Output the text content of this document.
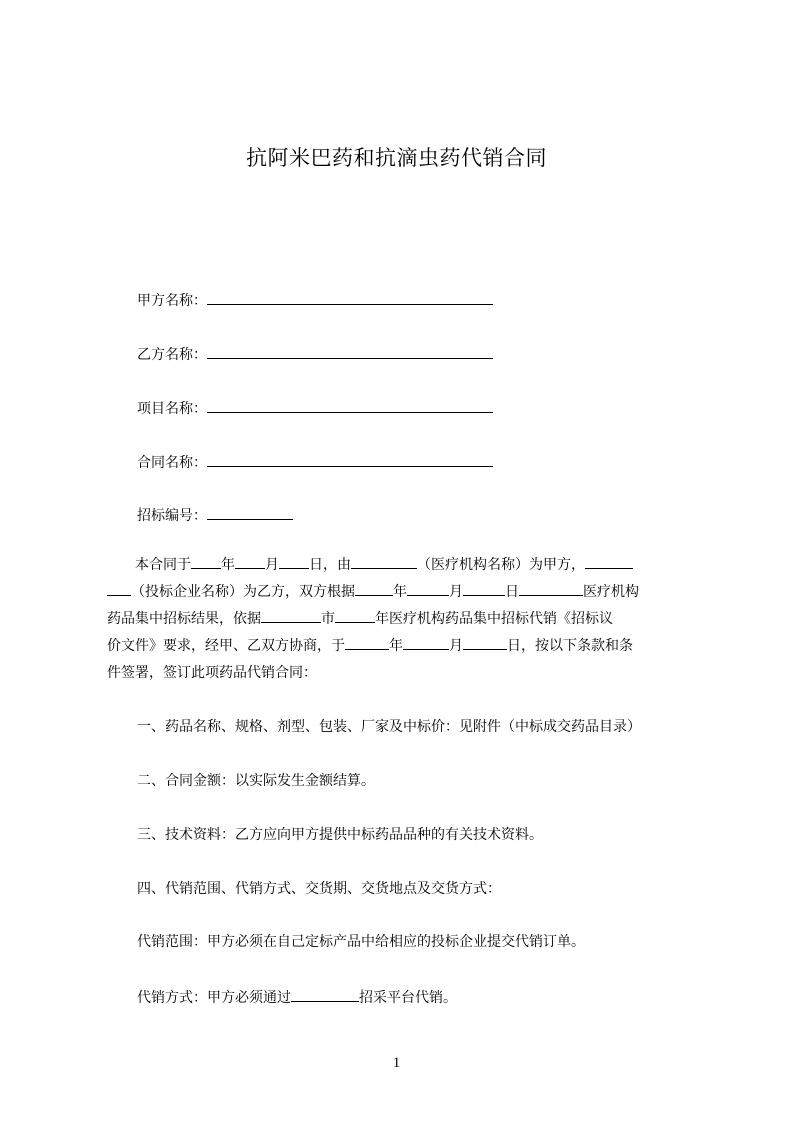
抗阿米巴药和抗滴虫药代销合同
甲方名称：
乙方名称：
项目名称：
合同名称：
招标编号：
本合同于 年 月 日，由	（医疗机构名称）为甲方，
（投标企业名称）为乙方，双方根据	年	月	日	医疗机构
药品集中招标结果，依据	市	年医疗机构药品集中招标代销《招标议
价文件》要求，经甲、乙双方协商，于	年	月	日，按以下条款和条
件签署，签订此项药品代销合同：
一、药品名称、规格、剂型、包装、厂家及中标价：见附件（中标成交药品目录）
二、合同金额：以实际发生金额结算。
三、技术资料：乙方应向甲方提供中标药品品种的有关技术资料。
四、代销范围、代销方式、交货期、交货地点及交货方式：
代销范围：甲方必须在自己定标产品中给相应的投标企业提交代销订单。
代销方式：甲方必须通过	招采平台代销。
1
